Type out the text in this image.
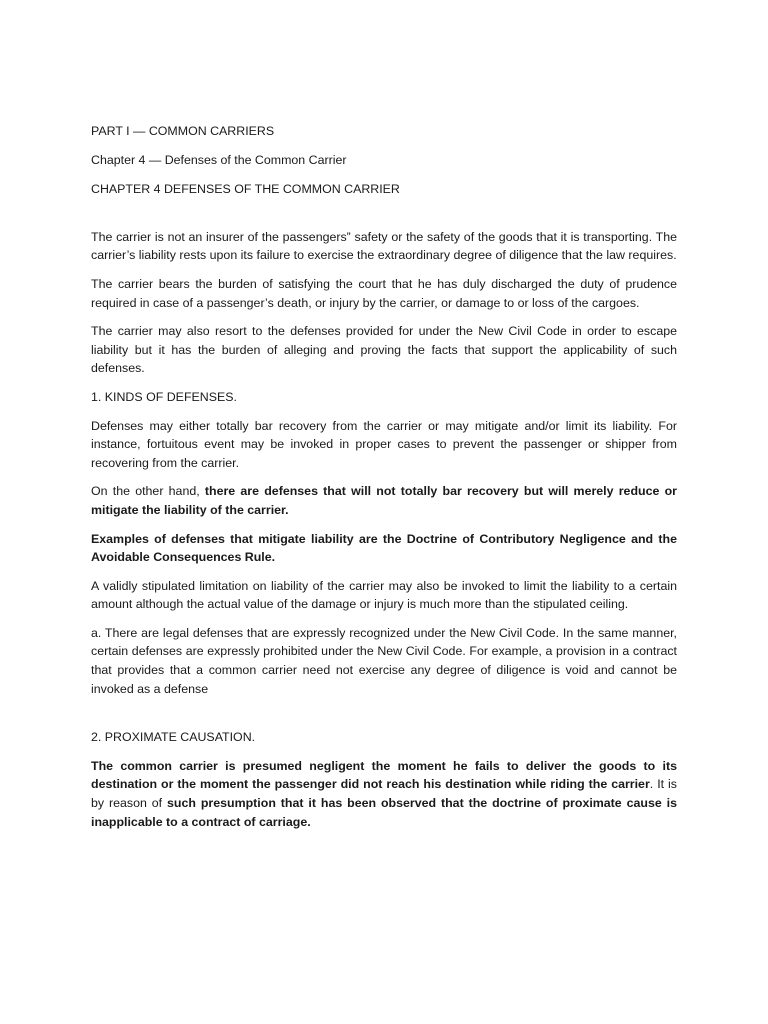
PART I — COMMON CARRIERS
Chapter 4 — Defenses of the Common Carrier
CHAPTER 4 DEFENSES OF THE COMMON CARRIER

The carrier is not an insurer of the passengers‟ safety or the safety of the goods that it is transporting. The carrier’s liability rests upon its failure to exercise the extraordinary degree of diligence that the law requires.

The carrier bears the burden of satisfying the court that he has duly discharged the duty of prudence required in case of a passenger’s death, or injury by the carrier, or damage to or loss of the cargoes.

The carrier may also resort to the defenses provided for under the New Civil Code in order to escape liability but it has the burden of alleging and proving the facts that support the applicability of such defenses.

1. KINDS OF DEFENSES.

Defenses may either totally bar recovery from the carrier or may mitigate and/or limit its liability. For instance, fortuitous event may be invoked in proper cases to prevent the passenger or shipper from recovering from the carrier.

On the other hand, there are defenses that will not totally bar recovery but will merely reduce or mitigate the liability of the carrier.

Examples of defenses that mitigate liability are the Doctrine of Contributory Negligence and the Avoidable Consequences Rule.

A validly stipulated limitation on liability of the carrier may also be invoked to limit the liability to a certain amount although the actual value of the damage or injury is much more than the stipulated ceiling.

a. There are legal defenses that are expressly recognized under the New Civil Code. In the same manner, certain defenses are expressly prohibited under the New Civil Code. For example, a provision in a contract that provides that a common carrier need not exercise any degree of diligence is void and cannot be invoked as a defense

2. PROXIMATE CAUSATION.

The common carrier is presumed negligent the moment he fails to deliver the goods to its destination or the moment the passenger did not reach his destination while riding the carrier. It is by reason of such presumption that it has been observed that the doctrine of proximate cause is inapplicable to a contract of carriage.
